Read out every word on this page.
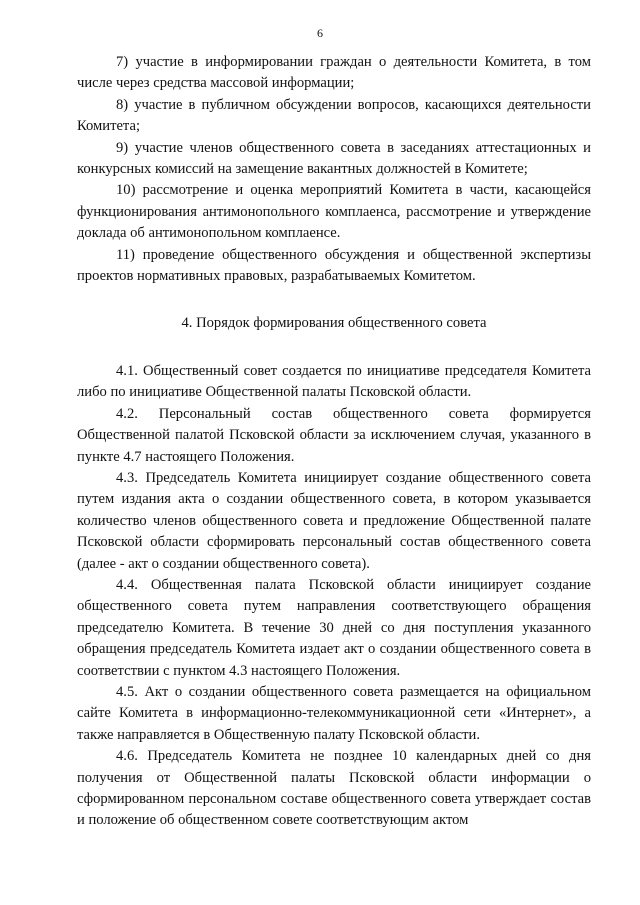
6

7) участие в информировании граждан о деятельности Комитета, в том числе через средства массовой информации;

8) участие в публичном обсуждении вопросов, касающихся деятельности Комитета;

9) участие членов общественного совета в заседаниях аттестационных и конкурсных комиссий на замещение вакантных должностей в Комитете;

10) рассмотрение и оценка мероприятий Комитета в части, касающейся функционирования антимонопольного комплаенса, рассмотрение и утверждение доклада об антимонопольном комплаенсе.

11) проведение общественного обсуждения и общественной экспертизы проектов нормативных правовых, разрабатываемых Комитетом.

4. Порядок формирования общественного совета

4.1. Общественный совет создается по инициативе председателя Комитета либо по инициативе Общественной палаты Псковской области.

4.2. Персональный состав общественного совета формируется Общественной палатой Псковской области за исключением случая, указанного в пункте 4.7 настоящего Положения.

4.3. Председатель Комитета инициирует создание общественного совета путем издания акта о создании общественного совета, в котором указывается количество членов общественного совета и предложение Общественной палате Псковской области сформировать персональный состав общественного совета (далее - акт о создании общественного совета).

4.4. Общественная палата Псковской области инициирует создание общественного совета путем направления соответствующего обращения председателю Комитета. В течение 30 дней со дня поступления указанного обращения председатель Комитета издает акт о создании общественного совета в соответствии с пунктом 4.3 настоящего Положения.

4.5. Акт о создании общественного совета размещается на официальном сайте Комитета в информационно-телекоммуникационной сети «Интернет», а также направляется в Общественную палату Псковской области.

4.6. Председатель Комитета не позднее 10 календарных дней со дня получения от Общественной палаты Псковской области информации о сформированном персональном составе общественного совета утверждает состав и положение об общественном совете соответствующим актом
